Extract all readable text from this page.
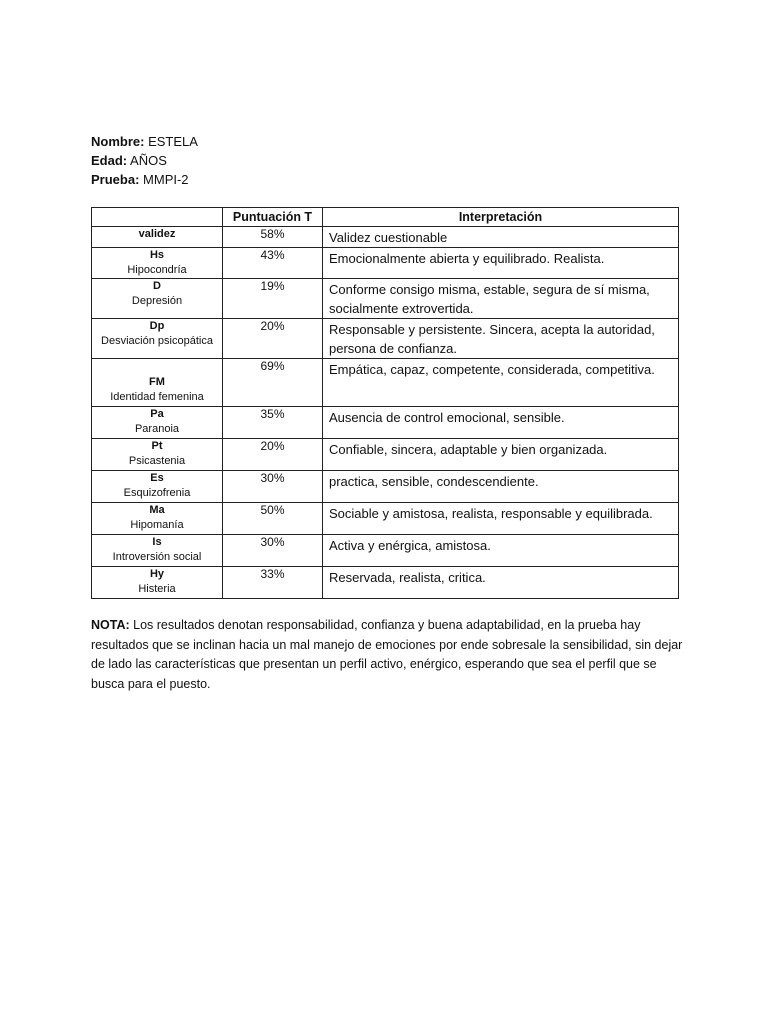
Nombre: ESTELA
Edad: AÑOS
Prueba: MMPI-2
	Puntuación T	Interpretación

validez	58%	Validez cuestionable

Hs
Hipocondría	43%	Emocionalmente abierta y equilibrado. Realista.

D
Depresión	19%	Conforme consigo misma, estable, segura de sí misma, socialmente extrovertida.

Dp
Desviación psicopática	20%	Responsable y persistente. Sincera, acepta la autoridad, persona de confianza.

FM
Identidad femenina	69%	Empática, capaz, competente, considerada, competitiva.

Pa
Paranoia	35%	Ausencia de control emocional, sensible.

Pt
Psicastenia	20%	Confiable, sincera, adaptable y bien organizada.

Es
Esquizofrenia	30%	practica, sensible, condescendiente.

Ma
Hipomanía	50%	Sociable y amistosa, realista, responsable y equilibrada.

Is
Introversión social	30%	Activa y enérgica, amistosa.

Hy
Histeria	33%	Reservada, realista, critica.
NOTA: Los resultados denotan responsabilidad, confianza y buena adaptabilidad, en la prueba hay resultados que se inclinan hacia un mal manejo de emociones por ende sobresale la sensibilidad, sin dejar de lado las características que presentan un perfil activo, enérgico, esperando que sea el perfil que se busca para el puesto.
